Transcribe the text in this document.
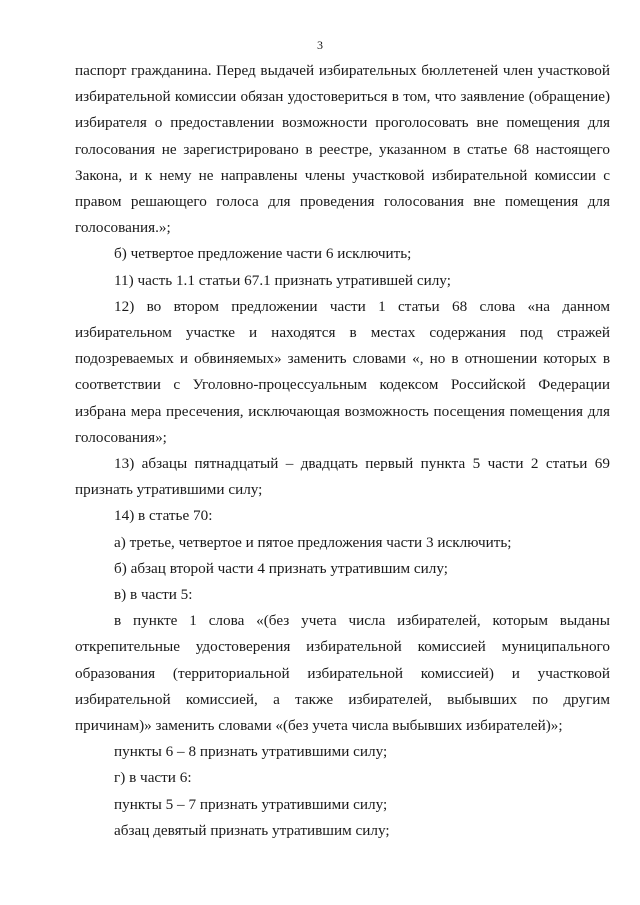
3

паспорт гражданина. Перед выдачей избирательных бюллетеней член участковой избирательной комиссии обязан удостовериться в том, что заявление (обращение) избирателя о предоставлении возможности проголосовать вне помещения для голосования не зарегистрировано в реестре, указанном в статье 68 настоящего Закона, и к нему не направлены члены участковой избирательной комиссии с правом решающего голоса для проведения голосования вне помещения для голосования.»;

б) четвертое предложение части 6 исключить;

11) часть 1.1 статьи 67.1 признать утратившей силу;

12) во втором предложении части 1 статьи 68 слова «на данном избирательном участке и находятся в местах содержания под стражей подозреваемых и обвиняемых» заменить словами «, но в отношении которых в соответствии с Уголовно-процессуальным кодексом Российской Федерации избрана мера пресечения, исключающая возможность посещения помещения для голосования»;

13) абзацы пятнадцатый – двадцать первый пункта 5 части 2 статьи 69 признать утратившими силу;

14) в статье 70:

а) третье, четвертое и пятое предложения части 3 исключить;

б) абзац второй части 4 признать утратившим силу;

в) в части 5:

в пункте 1 слова «(без учета числа избирателей, которым выданы открепительные удостоверения избирательной комиссией муниципального образования (территориальной избирательной комиссией) и участковой избирательной комиссией, а также избирателей, выбывших по другим причинам)» заменить словами «(без учета числа выбывших избирателей)»;

пункты 6 – 8 признать утратившими силу;

г) в части 6:

пункты 5 – 7 признать утратившими силу;

абзац девятый признать утратившим силу;
